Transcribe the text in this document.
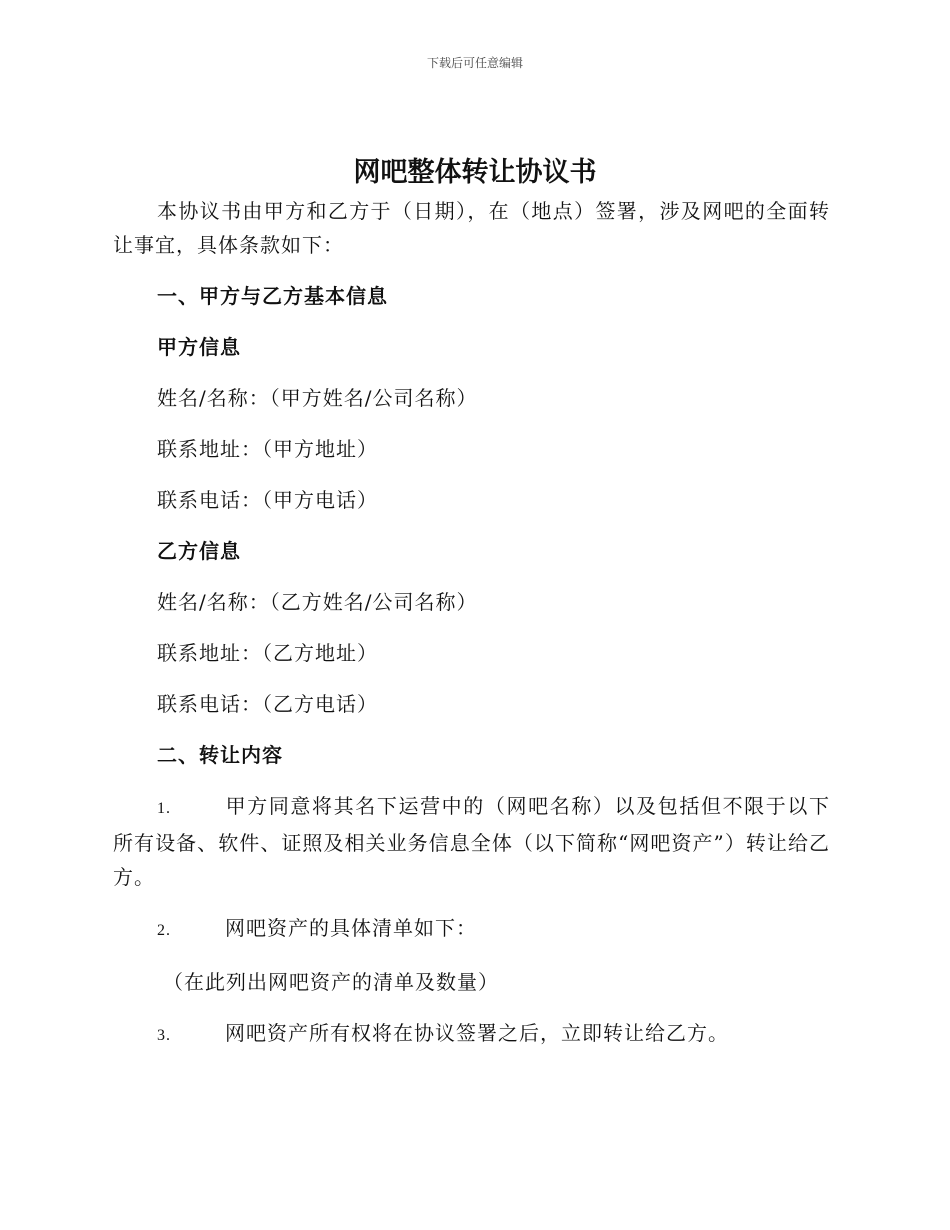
下载后可任意编辑
网吧整体转让协议书

本协议书由甲方和乙方于（日期），在（地点）签署，涉及网吧的全面转让事宜，具体条款如下：

一、甲方与乙方基本信息

甲方信息

姓名/名称：（甲方姓名/公司名称）

联系地址：（甲方地址）

联系电话：（甲方电话）

乙方信息

姓名/名称：（乙方姓名/公司名称）

联系地址：（乙方地址）

联系电话：（乙方电话）

二、转让内容

1.	甲方同意将其名下运营中的（网吧名称）以及包括但不限于以下所有设备、软件、证照及相关业务信息全体（以下简称“网吧资产”）转让给乙方。

2.	网吧资产的具体清单如下：

（在此列出网吧资产的清单及数量）

3.	网吧资产所有权将在协议签署之后，立即转让给乙方。
